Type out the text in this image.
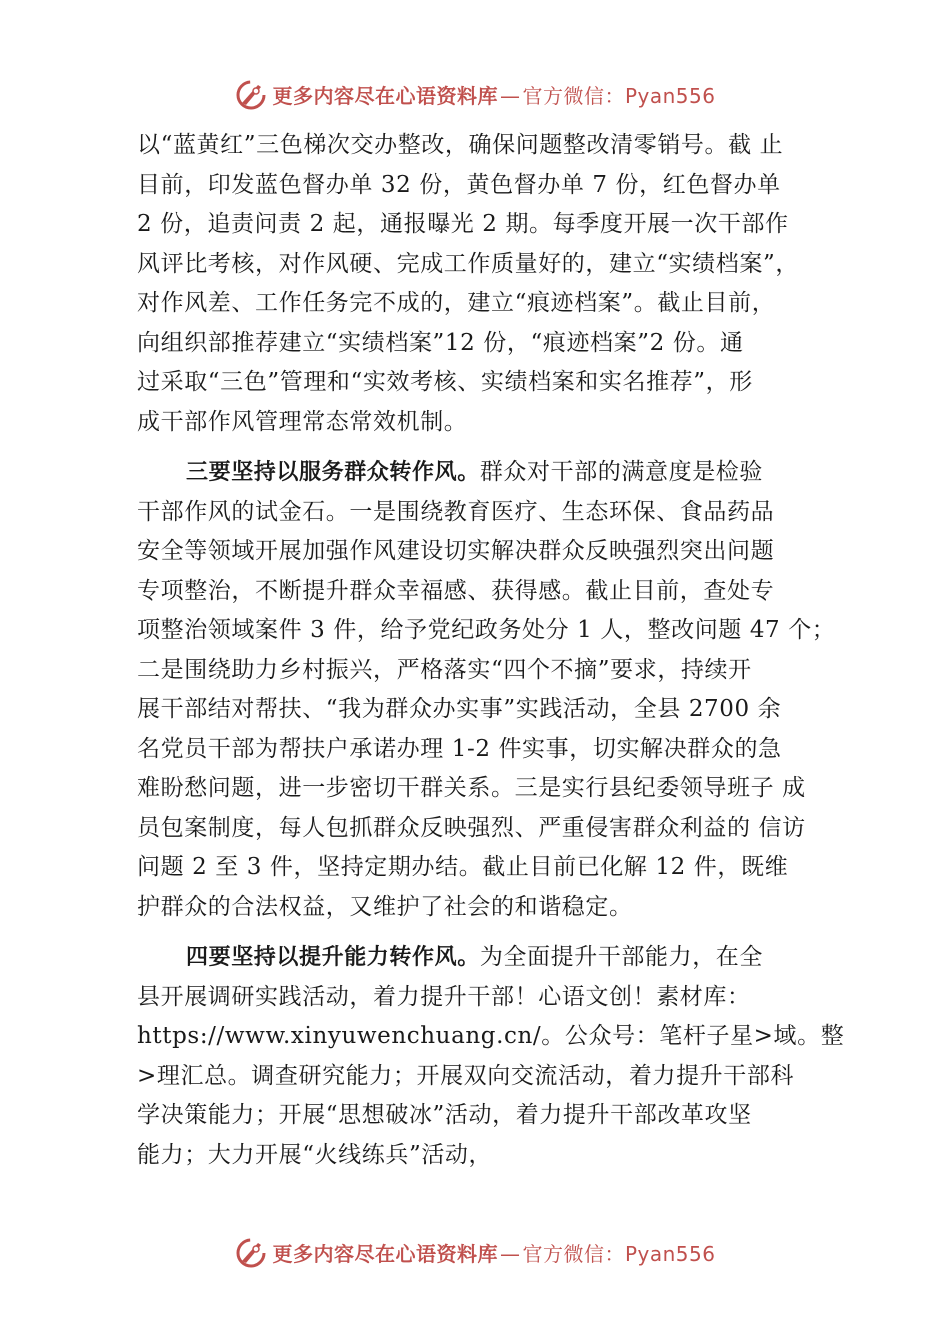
更多内容尽在心语资料库 — 官方微信：Pyan556
以“蓝黄红”三色梯次交办整改，确保问题整改清零销号。截 止
目前，印发蓝色督办单 32 份，黄色督办单 7 份，红色督办单
2 份，追责问责 2 起，通报曝光 2 期。每季度开展一次干部作
风评比考核，对作风硬、完成工作质量好的，建立“实绩档案”，
对作风差、工作任务完不成的，建立“痕迹档案”。截止目前，
向组织部推荐建立“实绩档案”12 份，“痕迹档案”2 份。通
过采取“三色”管理和“实效考核、实绩档案和实名推荐”，形
成干部作风管理常态常效机制。
三要坚持以服务群众转作风。群众对干部的满意度是检验
干部作风的试金石。一是围绕教育医疗、生态环保、食品药品
安全等领域开展加强作风建设切实解决群众反映强烈突出问题
专项整治，不断提升群众幸福感、获得感。截止目前，查处专
项整治领域案件 3 件，给予党纪政务处分 1 人，整改问题 47 个；
二是围绕助力乡村振兴，严格落实“四个不摘”要求，持续开
展干部结对帮扶、“我为群众办实事”实践活动，全县 2700 余
名党员干部为帮扶户承诺办理 1-2 件实事，切实解决群众的急
难盼愁问题，进一步密切干群关系。三是实行县纪委领导班子 成
员包案制度，每人包抓群众反映强烈、严重侵害群众利益的 信访
问题 2 至 3 件，坚持定期办结。截止目前已化解 12 件，既维
护群众的合法权益，又维护了社会的和谐稳定。
四要坚持以提升能力转作风。为全面提升干部能力，在全
县开展调研实践活动，着力提升干部！心语文创！素材库：
https://www.xinyuwenchuang.cn/。公众号：笔杆子星>域。整
>理汇总。调查研究能力；开展双向交流活动，着力提升干部科
学决策能力；开展“思想破冰”活动，着力提升干部改革攻坚
能力；大力开展“火线练兵”活动，
更多内容尽在心语资料库 — 官方微信：Pyan556
